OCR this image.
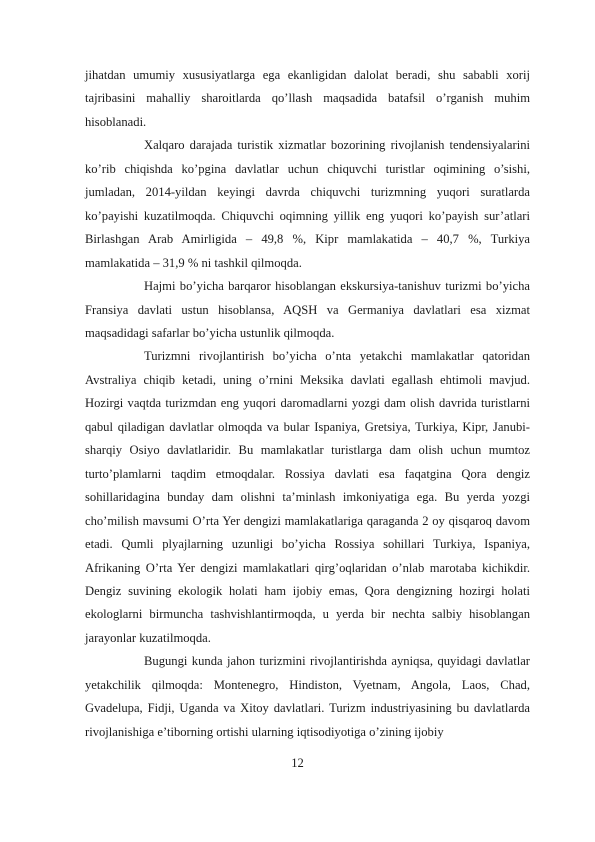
jihatdan umumiy xususiyatlarga ega ekanligidan dalolat beradi, shu sababli xorij tajribasini mahalliy sharoitlarda qo’llash maqsadida batafsil o’rganish muhim hisoblanadi.

Xalqaro darajada turistik xizmatlar bozorining rivojlanish tendensiyalarini ko’rib chiqishda ko’pgina davlatlar uchun chiquvchi turistlar oqimining o’sishi, jumladan, 2014-yildan keyingi davrda chiquvchi turizmning yuqori suratlarda ko’payishi kuzatilmoqda. Chiquvchi oqimning yillik eng yuqori ko’payish sur’atlari Birlashgan Arab Amirligida – 49,8 %, Kipr mamlakatida – 40,7 %, Turkiya mamlakatida – 31,9 % ni tashkil qilmoqda.

Hajmi bo’yicha barqaror hisoblangan ekskursiya-tanishuv turizmi bo’yicha Fransiya davlati ustun hisoblansa, AQSH va Germaniya davlatlari esa xizmat maqsadidagi safarlar bo’yicha ustunlik qilmoqda.

Turizmni rivojlantirish bo’yicha o’nta yetakchi mamlakatlar qatoridan Avstraliya chiqib ketadi, uning o’rnini Meksika davlati egallash ehtimoli mavjud. Hozirgi vaqtda turizmdan eng yuqori daromadlarni yozgi dam olish davrida turistlarni qabul qiladigan davlatlar olmoqda va bular Ispaniya, Gretsiya, Turkiya, Kipr, Janubi-sharqiy Osiyo davlatlaridir. Bu mamlakatlar turistlarga dam olish uchun mumtoz turto’plamlarni taqdim etmoqdalar. Rossiya davlati esa faqatgina Qora dengiz sohillaridagina bunday dam olishni ta’minlash imkoniyatiga ega. Bu yerda yozgi cho’milish mavsumi O’rta Yer dengizi mamlakatlariga qaraganda 2 oy qisqaroq davom etadi. Qumli plyajlarning uzunligi bo’yicha Rossiya sohillari Turkiya, Ispaniya, Afrikaning O’rta Yer dengizi mamlakatlari qirg’oqlaridan o’nlab marotaba kichikdir. Dengiz suvining ekologik holati ham ijobiy emas, Qora dengizning hozirgi holati ekologlarni birmuncha tashvishlantirmoqda, u yerda bir nechta salbiy hisoblangan jarayonlar kuzatilmoqda.

Bugungi kunda jahon turizmini rivojlantirishda ayniqsa, quyidagi davlatlar yetakchilik qilmoqda: Montenegro, Hindiston, Vyetnam, Angola, Laos, Chad, Gvadelupa, Fidji, Uganda va Xitoy davlatlari. Turizm industriyasining bu davlatlarda rivojlanishiga e’tiborning ortishi ularning iqtisodiyotiga o’zining ijobiy

12
